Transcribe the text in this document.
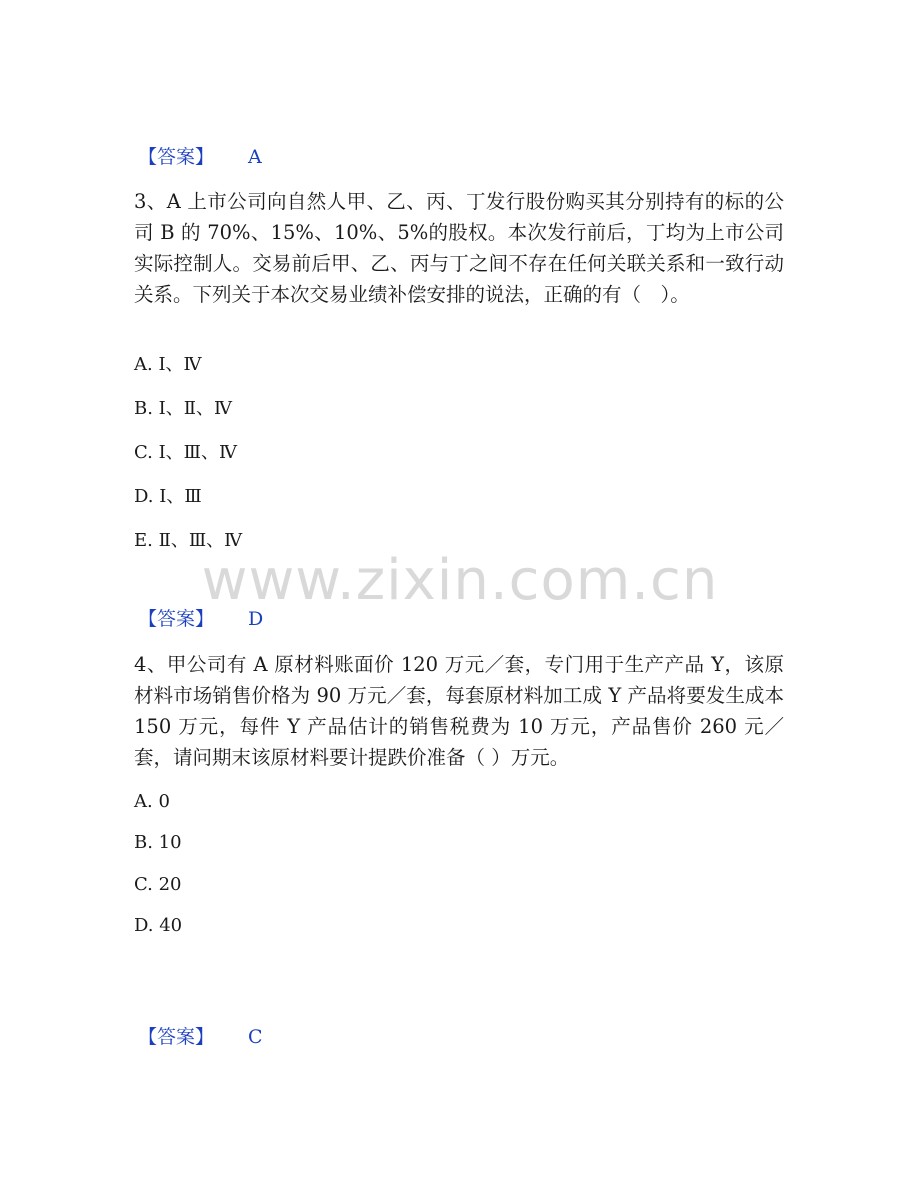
www.zixin.com.cn
【答案】 A
3、A 上市公司向自然人甲、乙、丙、丁发行股份购买其分别持有的标的公司 B 的 70%、15%、10%、5%的股权。本次发行前后，丁均为上市公司实际控制人。交易前后甲、乙、丙与丁之间不存在任何关联关系和一致行动关系。下列关于本次交易业绩补偿安排的说法，正确的有（　）。
A. Ⅰ、Ⅳ
B. Ⅰ、Ⅱ、Ⅳ
C. Ⅰ、Ⅲ、Ⅳ
D. Ⅰ、Ⅲ
E. Ⅱ、Ⅲ、Ⅳ
【答案】 D
4、甲公司有 A 原材料账面价 120 万元／套，专门用于生产产品 Y，该原材料市场销售价格为 90 万元／套，每套原材料加工成 Y 产品将要发生成本 150 万元，每件 Y 产品估计的销售税费为 10 万元，产品售价 260 元／套，请问期末该原材料要计提跌价准备（ ）万元。
A. 0
B. 10
C. 20
D. 40
【答案】 C
